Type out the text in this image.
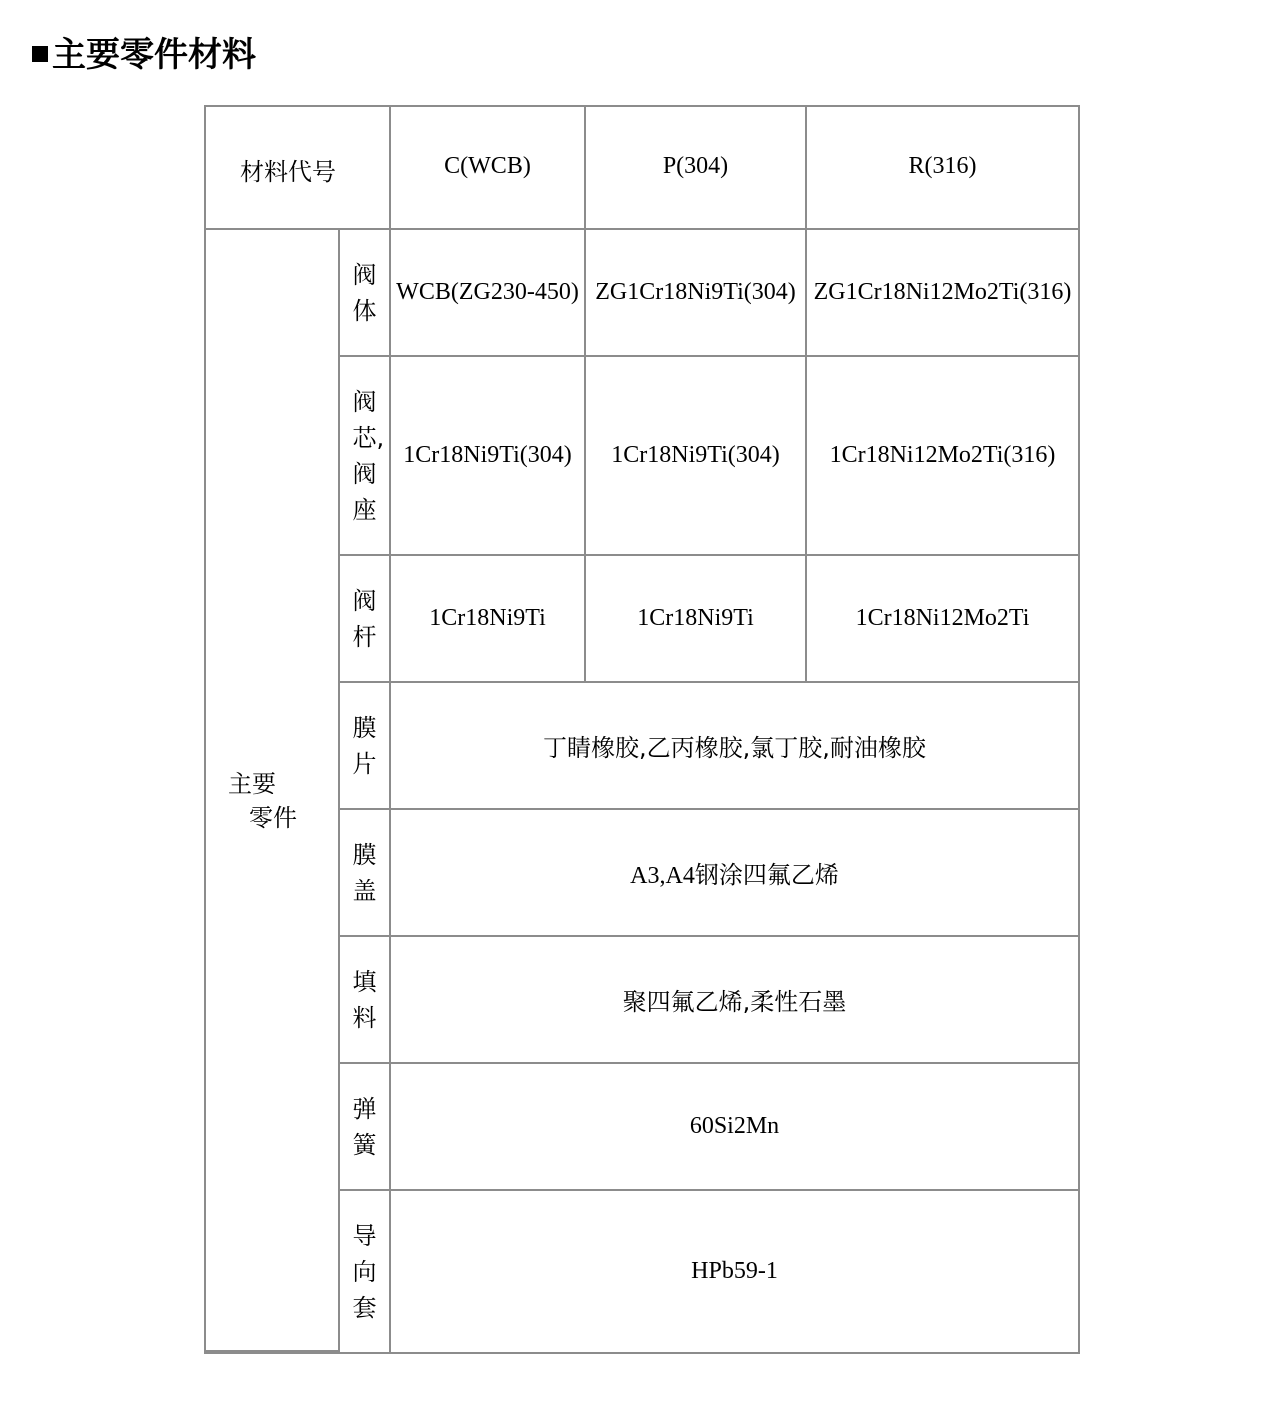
主要零件材料
材料代号		C(WCB)	P(304)	R(316)

主要
零件	阀体	WCB(ZG230-450)	ZG1Cr18Ni9Ti(304)	ZG1Cr18Ni12Mo2Ti(316)
	阀芯,阀座	1Cr18Ni9Ti(304)	1Cr18Ni9Ti(304)	1Cr18Ni12Mo2Ti(316)
	阀杆	1Cr18Ni9Ti	1Cr18Ni9Ti	1Cr18Ni12Mo2Ti
	膜片	丁睛橡胶,乙丙橡胶,氯丁胶,耐油橡胶		
	膜盖	A3,A4钢涂四氟乙烯		
	填料	聚四氟乙烯,柔性石墨		
	弹簧	60Si2Mn		
	导向套	HPb59-1		
